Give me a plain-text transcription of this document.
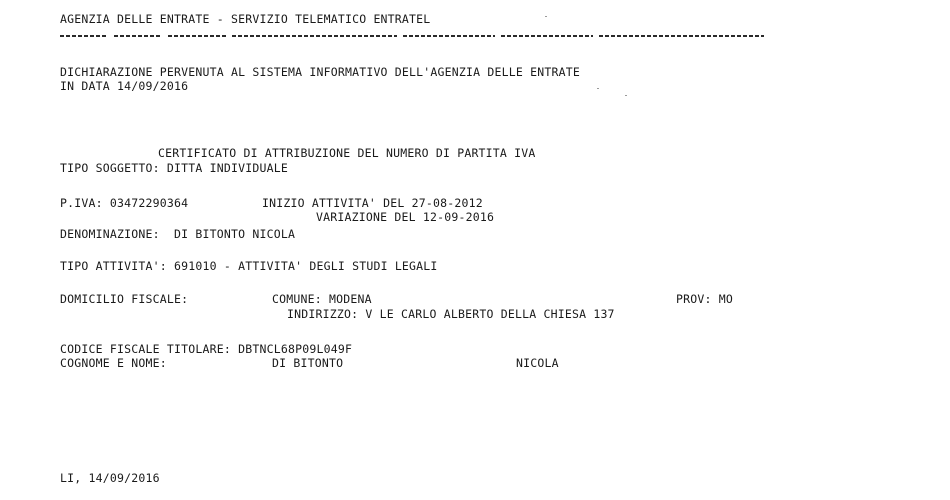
AGENZIA DELLE ENTRATE - SERVIZIO TELEMATICO ENTRATEL
DICHIARAZIONE PERVENUTA AL SISTEMA INFORMATIVO DELL'AGENZIA DELLE ENTRATE
IN DATA 14/09/2016
CERTIFICATO DI ATTRIBUZIONE DEL NUMERO DI PARTITA IVA
TIPO SOGGETTO: DITTA INDIVIDUALE
P.IVA: 03472290364	INIZIO ATTIVITA' DEL 27-08-2012
VARIAZIONE DEL 12-09-2016
DENOMINAZIONE:  DI BITONTO NICOLA
TIPO ATTIVITA': 691010 - ATTIVITA' DEGLI STUDI LEGALI
DOMICILIO FISCALE:	COMUNE: MODENA	PROV: MO
INDIRIZZO: V LE CARLO ALBERTO DELLA CHIESA 137
CODICE FISCALE TITOLARE: DBTNCL68P09L049F
COGNOME E NOME:	DI BITONTO	NICOLA
LI, 14/09/2016
